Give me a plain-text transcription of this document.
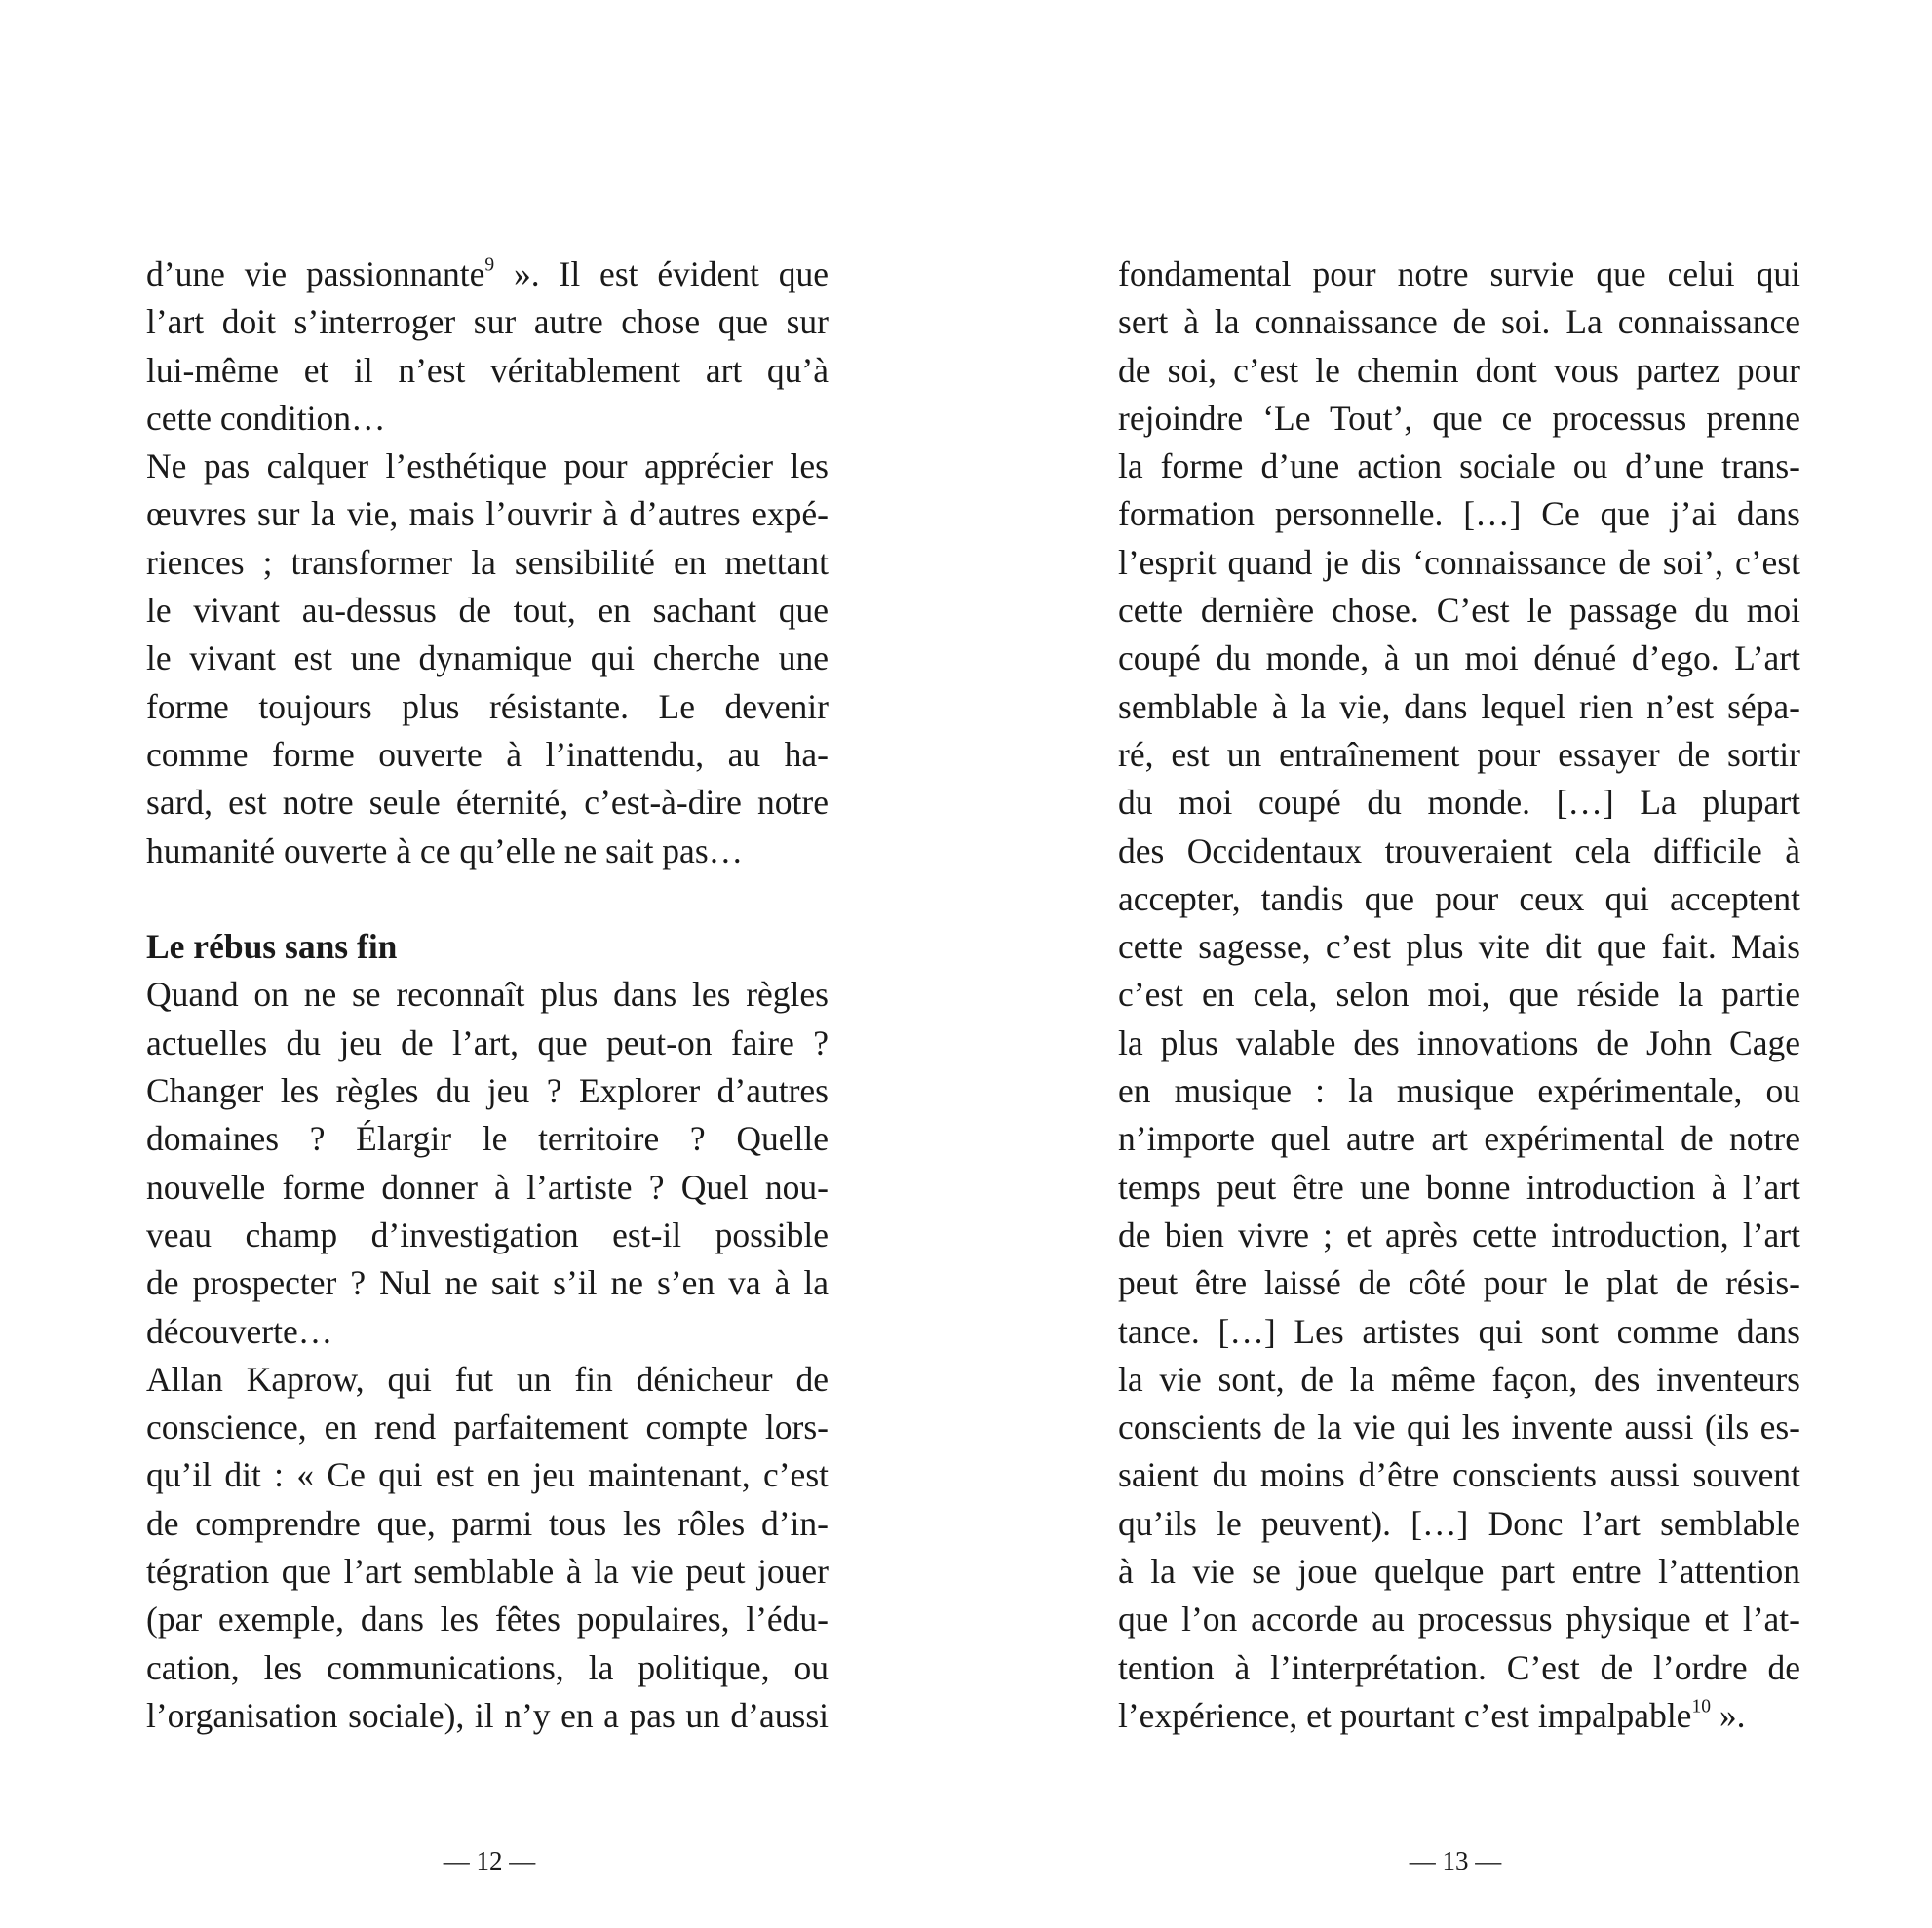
d’une vie passionnante$^9$ ». Il est évident que
l’art doit s’interroger sur autre chose que sur
lui-même et il n’est véritablement art qu’à
cette condition…
Ne pas calquer l’esthétique pour apprécier les
œuvres sur la vie, mais l’ouvrir à d’autres expé-
riences ; transformer la sensibilité en mettant
le vivant au-dessus de tout, en sachant que
le vivant est une dynamique qui cherche une
forme toujours plus résistante. Le devenir
comme forme ouverte à l’inattendu, au ha-
sard, est notre seule éternité, c’est-à-dire notre
humanité ouverte à ce qu’elle ne sait pas…
Le rébus sans fin
Quand on ne se reconnaît plus dans les règles
actuelles du jeu de l’art, que peut-on faire ?
Changer les règles du jeu ? Explorer d’autres
domaines ? Élargir le territoire ? Quelle
nouvelle forme donner à l’artiste ? Quel nou-
veau champ d’investigation est-il possible
de prospecter ? Nul ne sait s’il ne s’en va à la
découverte…
Allan Kaprow, qui fut un fin dénicheur de
conscience, en rend parfaitement compte lors-
qu’il dit : « Ce qui est en jeu maintenant, c’est
de comprendre que, parmi tous les rôles d’in-
tégration que l’art semblable à la vie peut jouer
(par exemple, dans les fêtes populaires, l’édu-
cation, les communications, la politique, ou
l’organisation sociale), il n’y en a pas un d’aussi
— 12 —
fondamental pour notre survie que celui qui
sert à la connaissance de soi. La connaissance
de soi, c’est le chemin dont vous partez pour
rejoindre ‘Le Tout’, que ce processus prenne
la forme d’une action sociale ou d’une trans-
formation personnelle. […] Ce que j’ai dans
l’esprit quand je dis ‘connaissance de soi’, c’est
cette dernière chose. C’est le passage du moi
coupé du monde, à un moi dénué d’ego. L’art
semblable à la vie, dans lequel rien n’est sépa-
ré, est un entraînement pour essayer de sortir
du moi coupé du monde. […] La plupart
des Occidentaux trouveraient cela difficile à
accepter, tandis que pour ceux qui acceptent
cette sagesse, c’est plus vite dit que fait. Mais
c’est en cela, selon moi, que réside la partie
la plus valable des innovations de John Cage
en musique : la musique expérimentale, ou
n’importe quel autre art expérimental de notre
temps peut être une bonne introduction à l’art
de bien vivre ; et après cette introduction, l’art
peut être laissé de côté pour le plat de résis-
tance. […] Les artistes qui sont comme dans
la vie sont, de la même façon, des inventeurs
conscients de la vie qui les invente aussi (ils es-
saient du moins d’être conscients aussi souvent
qu’ils le peuvent). […] Donc l’art semblable
à la vie se joue quelque part entre l’attention
que l’on accorde au processus physique et l’at-
tention à l’interprétation. C’est de l’ordre de
l’expérience, et pourtant c’est impalpable$^{10}$ ».
— 13 —
